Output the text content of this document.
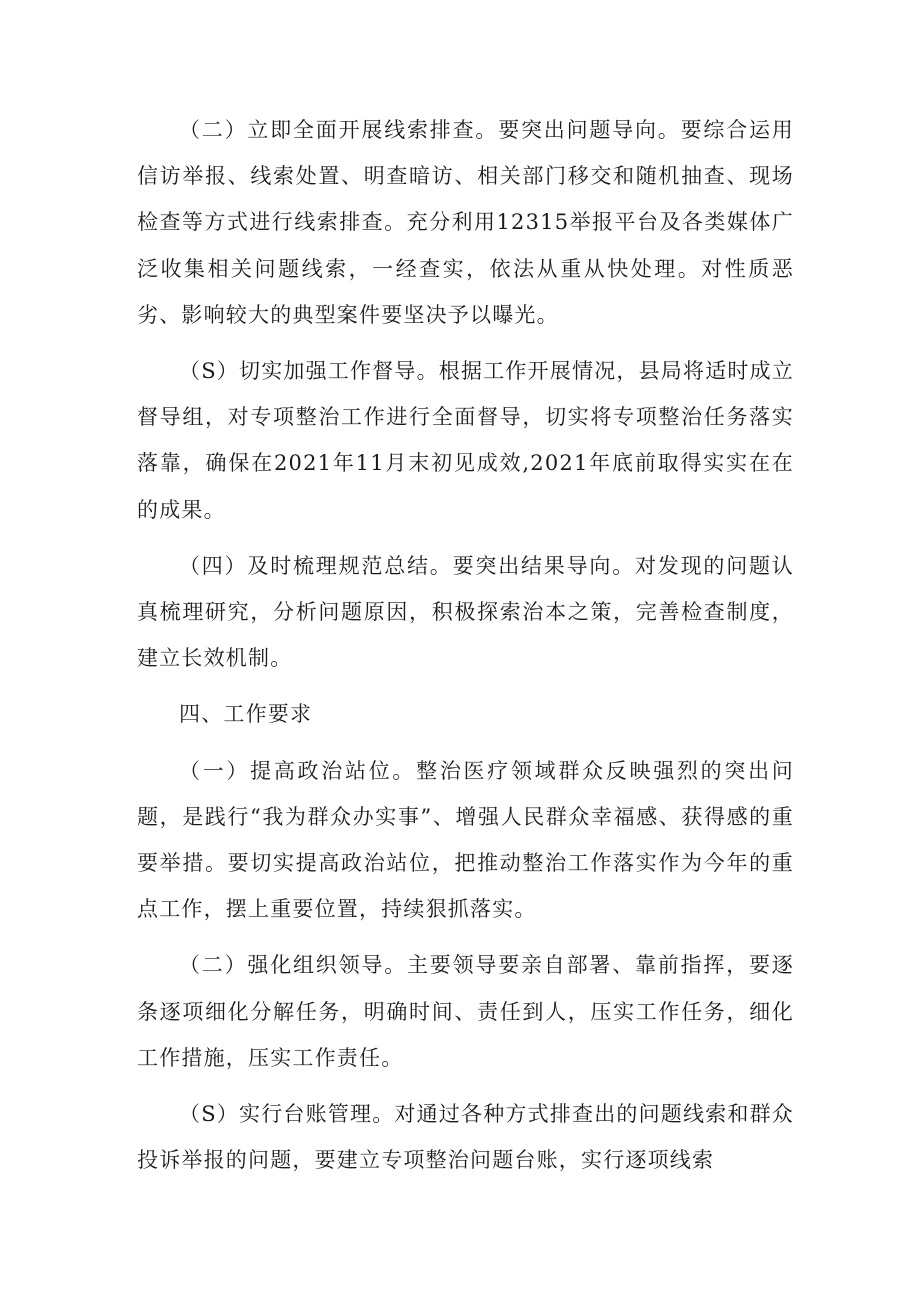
（二）立即全面开展线索排查。要突出问题导向。要综合运用信访举报、线索处置、明查暗访、相关部门移交和随机抽查、现场检查等方式进行线索排查。充分利用12315举报平台及各类媒体广泛收集相关问题线索，一经查实，依法从重从快处理。对性质恶劣、影响较大的典型案件要坚决予以曝光。

（S）切实加强工作督导。根据工作开展情况，县局将适时成立督导组，对专项整治工作进行全面督导，切实将专项整治任务落实落靠，确保在2021年11月末初见成效,2021年底前取得实实在在的成果。

（四）及时梳理规范总结。要突出结果导向。对发现的问题认真梳理研究，分析问题原因，积极探索治本之策，完善检查制度，建立长效机制。

四、工作要求

（一）提高政治站位。整治医疗领域群众反映强烈的突出问题，是践行“我为群众办实事”、增强人民群众幸福感、获得感的重要举措。要切实提高政治站位，把推动整治工作落实作为今年的重点工作，摆上重要位置，持续狠抓落实。

（二）强化组织领导。主要领导要亲自部署、靠前指挥，要逐条逐项细化分解任务，明确时间、责任到人，压实工作任务，细化工作措施，压实工作责任。

（S）实行台账管理。对通过各种方式排查出的问题线索和群众投诉举报的问题，要建立专项整治问题台账，实行逐项线索
